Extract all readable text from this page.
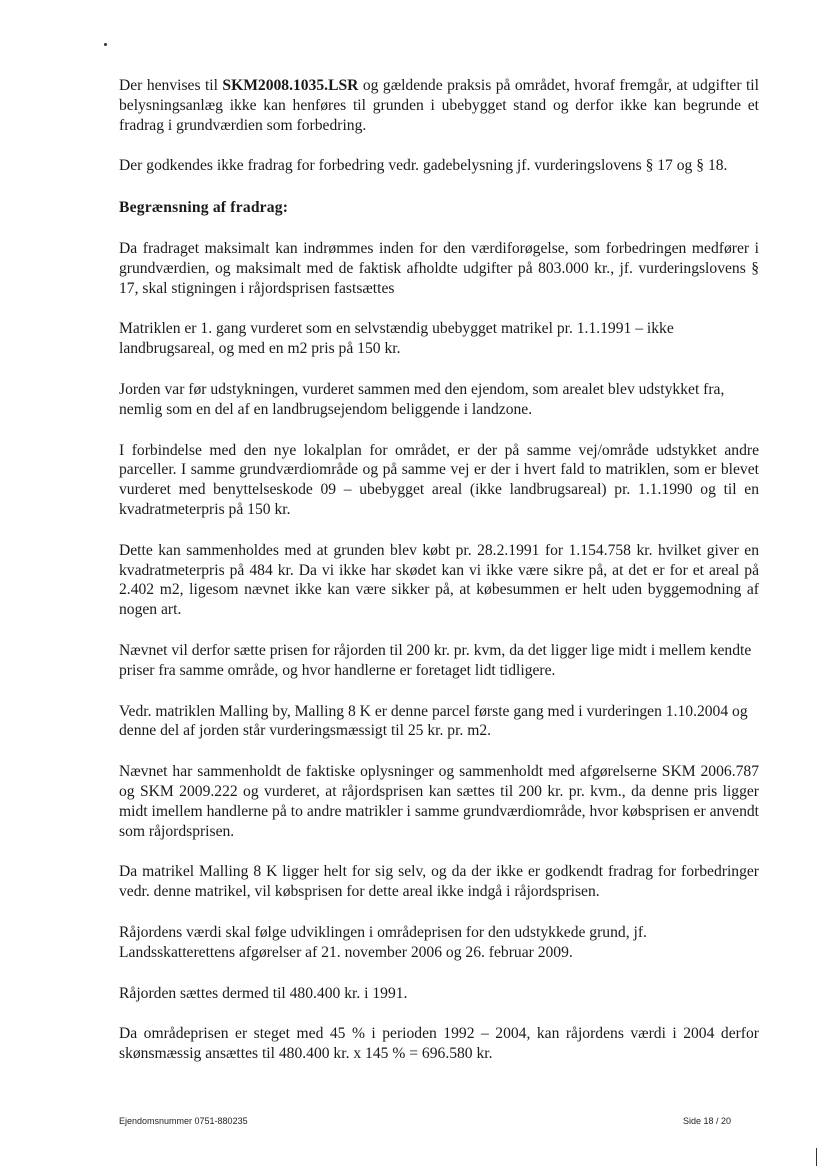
Der henvises til SKM2008.1035.LSR og gældende praksis på området, hvoraf fremgår, at udgifter til belysningsanlæg ikke kan henføres til grunden i ubebygget stand og derfor ikke kan begrunde et fradrag i grundværdien som forbedring.

Der godkendes ikke fradrag for forbedring vedr. gadebelysning jf. vurderingslovens § 17 og § 18.

Begrænsning af fradrag:

Da fradraget maksimalt kan indrømmes inden for den værdiforøgelse, som forbedringen medfører i grundværdien, og maksimalt med de faktisk afholdte udgifter på 803.000 kr., jf. vurderingslovens § 17, skal stigningen i råjordsprisen fastsættes

Matriklen er 1. gang vurderet som en selvstændig ubebygget matrikel pr. 1.1.1991 – ikke landbrugsareal, og med en m2 pris på 150 kr.

Jorden var før udstykningen, vurderet sammen med den ejendom, som arealet blev udstykket fra, nemlig som en del af en landbrugsejendom beliggende i landzone.

I forbindelse med den nye lokalplan for området, er der på samme vej/område udstykket andre parceller. I samme grundværdiområde og på samme vej er der i hvert fald to matriklen, som er blevet vurderet med benyttelseskode 09 – ubebygget areal (ikke landbrugsareal) pr. 1.1.1990 og til en kvadratmeterpris på 150 kr.

Dette kan sammenholdes med at grunden blev købt pr. 28.2.1991 for 1.154.758 kr. hvilket giver en kvadratmeterpris på 484 kr. Da vi ikke har skødet kan vi ikke være sikre på, at det er for et areal på 2.402 m2, ligesom nævnet ikke kan være sikker på, at købesummen er helt uden byggemodning af nogen art.

Nævnet vil derfor sætte prisen for råjorden til 200 kr. pr. kvm, da det ligger lige midt i mellem kendte priser fra samme område, og hvor handlerne er foretaget lidt tidligere.

Vedr. matriklen Malling by, Malling 8 K er denne parcel første gang med i vurderingen 1.10.2004 og denne del af jorden står vurderingsmæssigt til 25 kr. pr. m2.

Nævnet har sammenholdt de faktiske oplysninger og sammenholdt med afgørelserne SKM 2006.787 og SKM 2009.222 og vurderet, at råjordsprisen kan sættes til 200 kr. pr. kvm., da denne pris ligger midt imellem handlerne på to andre matrikler i samme grundværdiområde, hvor købsprisen er anvendt som råjordsprisen.

Da matrikel Malling 8 K ligger helt for sig selv, og da der ikke er godkendt fradrag for forbedringer vedr. denne matrikel, vil købsprisen for dette areal ikke indgå i råjordsprisen.

Råjordens værdi skal følge udviklingen i områdeprisen for den udstykkede grund, jf. Landsskatterettens afgørelser af 21. november 2006 og 26. februar 2009.

Råjorden sættes dermed til 480.400 kr. i 1991.

Da områdeprisen er steget med 45 % i perioden 1992 – 2004, kan råjordens værdi i 2004 derfor skønsmæssig ansættes til 480.400 kr. x 145 % = 696.580 kr.

Ejendomsnummer 0751-880235	Side 18 / 20
